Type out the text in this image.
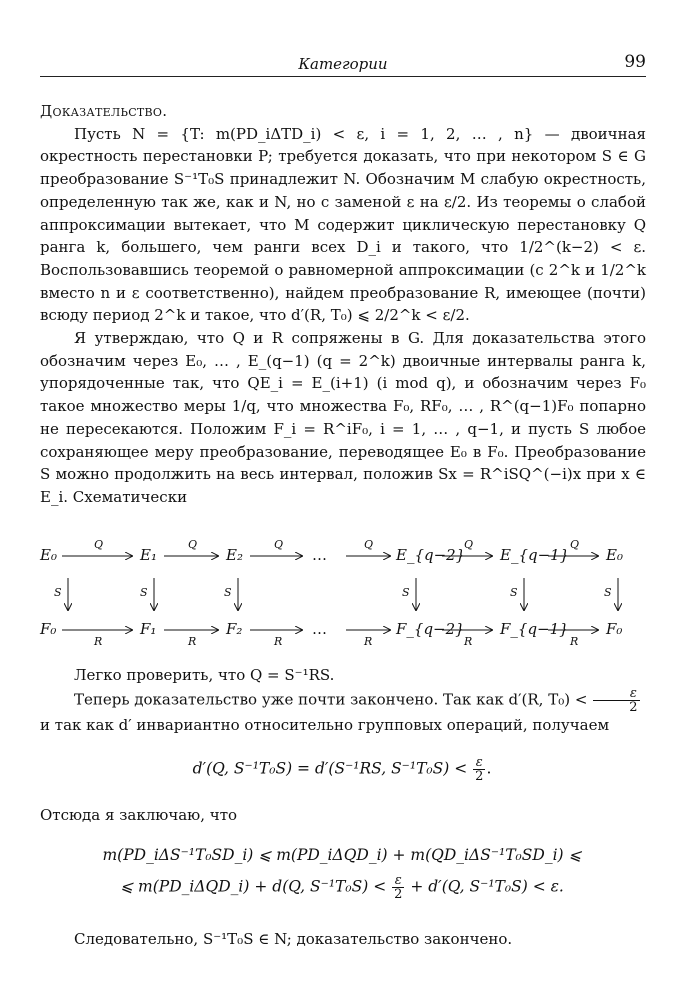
Категории	99

Доказательство.

Пусть N = {T: m(PD_iΔTD_i) < ε, i = 1, 2, … , n} — двоичная окрестность перестановки P; требуется доказать, что при некотором S ∈ G преобразование S⁻¹T₀S принадлежит N. Обозначим M слабую окрестность, определенную так же, как и N, но с заменой ε на ε/2. Из теоремы о слабой аппроксимации вытекает, что M содержит циклическую перестановку Q ранга k, большего, чем ранги всех D_i и такого, что 1/2^(k−2) < ε. Воспользовавшись теоремой о равномерной аппроксимации (с 2^k и 1/2^k вместо n и ε соответственно), найдем преобразование R, имеющее (почти) всюду период 2^k и такое, что d′(R, T₀) ⩽ 2/2^k < ε/2.

Я утверждаю, что Q и R сопряжены в G. Для доказательства этого обозначим через E₀, … , E_(q−1) (q = 2^k) двоичные интервалы ранга k, упорядоченные так, что QE_i = E_(i+1) (i mod q), и обозначим через F₀ такое множество меры 1/q, что множества F₀, RF₀, … , R^(q−1)F₀ попарно не пересекаются. Положим F_i = R^iF₀, i = 1, … , q−1, и пусть S любое сохраняющее меру преобразование, переводящее E₀ в F₀. Преобразование S можно продолжить на весь интервал, положив Sx = R^iSQ^(−i)x при x ∈ E_i. Схематически

E₀	E₁	E₂	…	E_{q−2} E_{q−1} E₀
F₀	F₁	F₂	…	F_{q−2} F_{q−1} F₀
Q	Q	Q	Q	Q	Q
R	R	R	R	R	R
S	S	S	S	S	S

Легко проверить, что Q = S⁻¹RS.

Теперь доказательство уже почти закончено. Так как d′(R, $T_0) < \frac{\varepsilon}{2}$

и так как d′ инвариантно относительно групповых операций, получаем

d′(Q, S⁻¹T₀S) = d′(S⁻¹RS, $S^{-1}T_0S) < \frac{\varepsilon}{2}$ .

Отсюда я заключаю, что

m(PD_iΔS⁻¹T₀SD_i) ⩽ m(PD_iΔQD_i) + m(QD_iΔS⁻¹T₀SD_i) ⩽
⩽ m(PD_iΔQD_i) + d(Q, $S^{-1}T_0S) < \frac{\varepsilon}{2} + d'(Q$, S⁻¹T₀S) < ε.

Следовательно, S⁻¹T₀S ∈ N; доказательство закончено.
